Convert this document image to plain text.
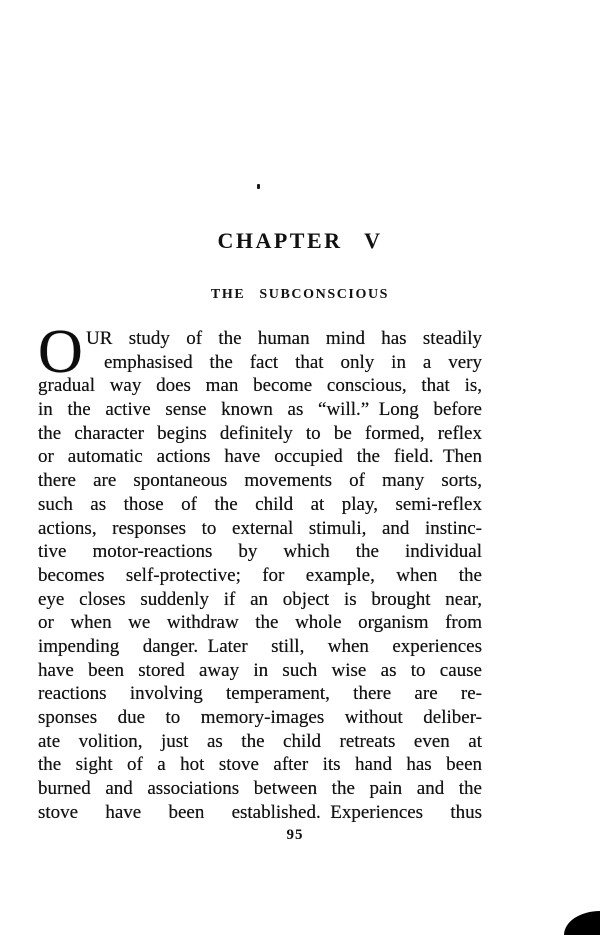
CHAPTER V
THE SUBCONSCIOUS
O UR study of the human mind has steadily
emphasised the fact that only in a very
gradual way does man become conscious, that is,
in the active sense known as “will.” Long before
the character begins definitely to be formed, reflex
or automatic actions have occupied the field. Then
there are spontaneous movements of many sorts,
such as those of the child at play, semi-reflex
actions, responses to external stimuli, and instinc-
tive motor-reactions by which the individual
becomes self-protective; for example, when the
eye closes suddenly if an object is brought near,
or when we withdraw the whole organism from
impending danger. Later still, when experiences
have been stored away in such wise as to cause
reactions involving temperament, there are re-
sponses due to memory-images without deliber-
ate volition, just as the child retreats even at
the sight of a hot stove after its hand has been
burned and associations between the pain and the
stove have been established. Experiences thus
95
